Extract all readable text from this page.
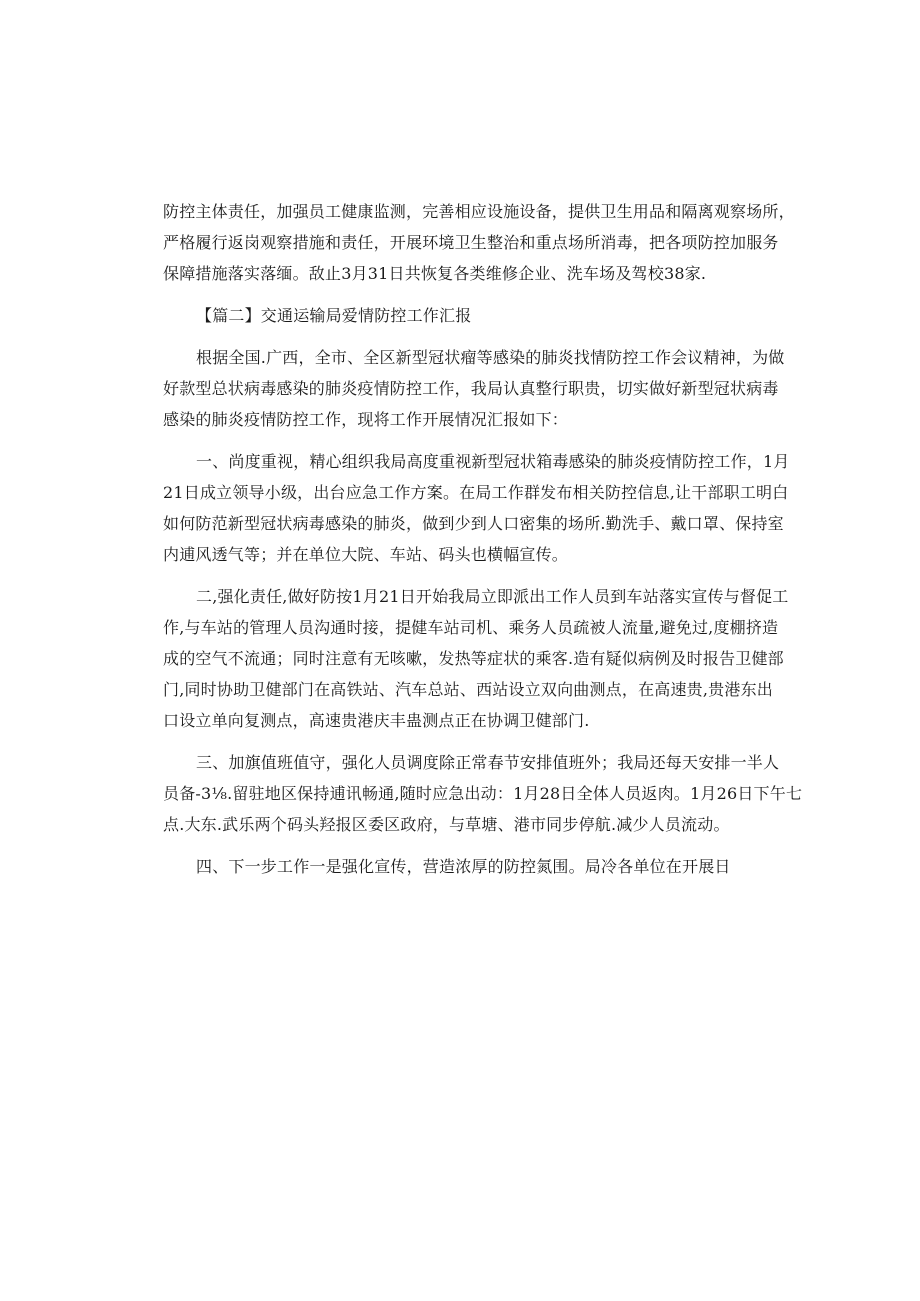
防控主体责任，加强员工健康监测，完善相应设施设备，提供卫生用品和隔离观察场所，
严格履行返岗观察措施和责任，开展环境卫生整治和重点场所消毒，把各项防控加服务
保障措施落实落缅。敌止3月31日共恢复各类维修企业、洗车场及驾校38家.
【篇二】交通运输局爱情防控工作汇报
根据全国.广西，全市、全区新型冠状瘤等感染的肺炎找情防控工作会议精神，为做
好款型总状病毒感染的肺炎疫情防控工作，我局认真整行职贵，切实做好新型冠状病毒
感染的肺炎疫情防控工作，现将工作开展情况汇报如下：
一、尚度重视，精心组织我局高度重视新型冠状箱毒感染的肺炎疫情防控工作，1月
21日成立领导小级，出台应急工作方案。在局工作群发布相关防控信息,让干部职工明白
如何防范新型冠状病毒感染的肺炎，做到少到人口密集的场所.勤洗手、戴口罩、保持室
内逋风透气等；并在单位大院、车站、码头也横幅宣传。
二,强化责任,做好防按1月21日开始我局立即派出工作人员到车站落实宣传与督促工
作,与车站的管理人员沟通时接，提健车站司机、乘务人员疏被人流量,避免过,度棚挤造
成的空气不流通；同时注意有无咳嗽，发热等症状的乘客.造有疑似病例及时报告卫健部
门,同时协助卫健部门在高铁站、汽车总站、西站设立双向曲测点，在高速贵,贵港东出
口设立单向复测点，高速贵港庆丰蛊测点正在协调卫健部门.
三、加旗值班值守，强化人员调度除正常春节安排值班外；我局还每天安排一半人
员备-3⅛.留驻地区保持逋讯畅通,随时应急出动：1月28日全体人员返肉。1月26日下午七
点.大东.武乐两个码头羟报区委区政府，与草塘、港市同步停航.减少人员流动。
四、下一步工作一是强化宣传，营造浓厚的防控氮围。局冷各单位在开展日
